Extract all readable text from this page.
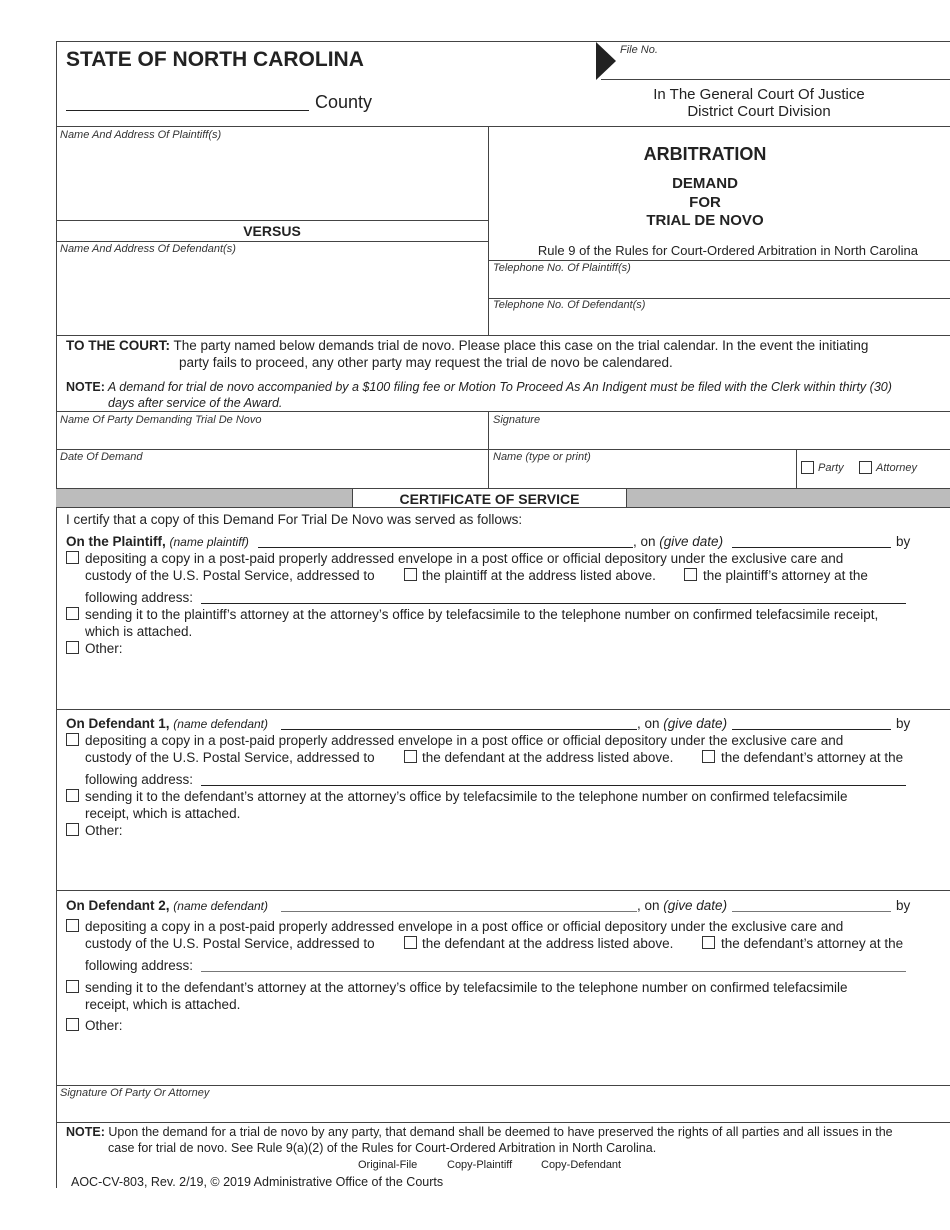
STATE OF NORTH CAROLINA
County
File No.
In The General Court Of Justice
District Court Division
Name And Address Of Plaintiff(s)
VERSUS
Name And Address Of Defendant(s)
ARBITRATION
DEMAND
FOR
TRIAL DE NOVO
Rule 9 of the Rules for Court-Ordered Arbitration in North Carolina
Telephone No. Of Plaintiff(s)
Telephone No. Of Defendant(s)
TO THE COURT: The party named below demands trial de novo. Please place this case on the trial calendar. In the event the initiating
party fails to proceed, any other party may request the trial de novo be calendared.
NOTE: A demand for trial de novo accompanied by a $100 filing fee or Motion To Proceed As An Indigent must be filed with the Clerk within thirty (30)
days after service of the Award.
Name Of Party Demanding Trial De Novo	Signature
Date Of Demand	Name (type or print)
Party	Attorney
CERTIFICATE OF SERVICE
I certify that a copy of this Demand For Trial De Novo was served as follows:
On the Plaintiff, (name plaintiff)	, on (give date)	by
depositing a copy in a post-paid properly addressed envelope in a post office or official depository under the exclusive care and
custody of the U.S. Postal Service, addressed to	the plaintiff at the address listed above.	the plaintiff’s attorney at the
following address:
sending it to the plaintiff’s attorney at the attorney’s office by telefacsimile to the telephone number on confirmed telefacsimile receipt,
which is attached.
Other:
On Defendant 1, (name defendant)	, on (give date)	by
depositing a copy in a post-paid properly addressed envelope in a post office or official depository under the exclusive care and
custody of the U.S. Postal Service, addressed to	the defendant at the address listed above.	the defendant’s attorney at the
following address:
sending it to the defendant’s attorney at the attorney’s office by telefacsimile to the telephone number on confirmed telefacsimile
receipt, which is attached.
Other:
On Defendant 2, (name defendant)	, on (give date)	by
depositing a copy in a post-paid properly addressed envelope in a post office or official depository under the exclusive care and
custody of the U.S. Postal Service, addressed to	the defendant at the address listed above.	the defendant’s attorney at the
following address:
sending it to the defendant’s attorney at the attorney’s office by telefacsimile to the telephone number on confirmed telefacsimile
receipt, which is attached.
Other:
Signature Of Party Or Attorney
NOTE: Upon the demand for a trial de novo by any party, that demand shall be deemed to have preserved the rights of all parties and all issues in the
case for trial de novo. See Rule 9(a)(2) of the Rules for Court-Ordered Arbitration in North Carolina.
Original-File	Copy-Plaintiff	Copy-Defendant
AOC-CV-803, Rev. 2/19, © 2019 Administrative Office of the Courts
